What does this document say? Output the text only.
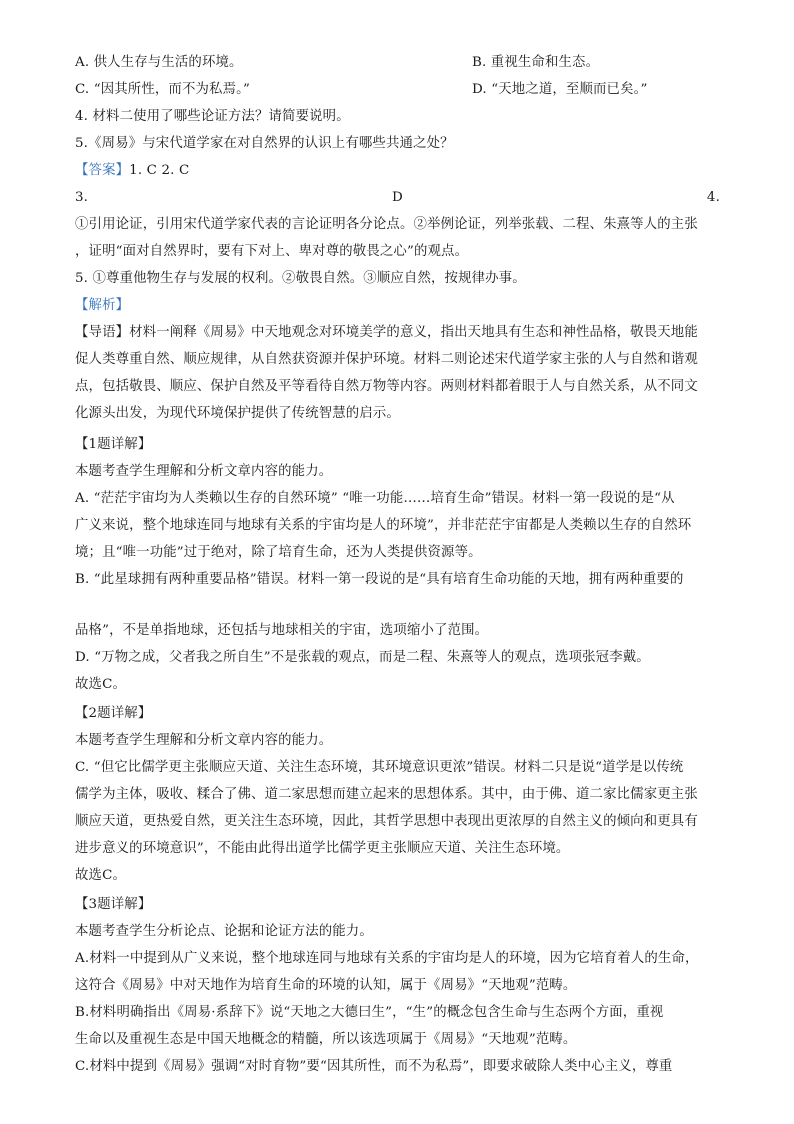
A. 供人生存与生活的环境。	B. 重视生命和生态。
C. “因其所性，而不为私焉。”	D. “天地之道，至顺而已矣。”
4. 材料二使用了哪些论证方法？请简要说明。
5.《周易》与宋代道学家在对自然界的认识上有哪些共通之处？
【答案】1. C 2. C
3.	D	4.
①引用论证，引用宋代道学家代表的言论证明各分论点。②举例论证，列举张载、二程、朱熹等人的主张
，证明“面对自然界时，要有下对上、卑对尊的敬畏之心”的观点。
5. ①尊重他物生存与发展的权利。②敬畏自然。③顺应自然，按规律办事。
【解析】
【导语】材料一阐释《周易》中天地观念对环境美学的意义，指出天地具有生态和神性品格，敬畏天地能
促人类尊重自然、顺应规律，从自然获资源并保护环境。材料二则论述宋代道学家主张的人与自然和谐观
点，包括敬畏、顺应、保护自然及平等看待自然万物等内容。两则材料都着眼于人与自然关系，从不同文
化源头出发，为现代环境保护提供了传统智慧的启示。
【1题详解】
本题考查学生理解和分析文章内容的能力。
A. “茫茫宇宙均为人类赖以生存的自然环境” “唯一功能……培育生命”错误。材料一第一段说的是“从
广义来说，整个地球连同与地球有关系的宇宙均是人的环境”，并非茫茫宇宙都是人类赖以生存的自然环
境；且“唯一功能”过于绝对，除了培育生命，还为人类提供资源等。
B. “此星球拥有两种重要品格”错误。材料一第一段说的是“具有培育生命功能的天地，拥有两种重要的
品格”，不是单指地球，还包括与地球相关的宇宙，选项缩小了范围。
D. “万物之成，父者我之所自生”不是张载的观点，而是二程、朱熹等人的观点，选项张冠李戴。
故选C。
【2题详解】
本题考查学生理解和分析文章内容的能力。
C. “但它比儒学更主张顺应天道、关注生态环境，其环境意识更浓”错误。材料二只是说“道学是以传统
儒学为主体，吸收、糅合了佛、道二家思想而建立起来的思想体系。其中，由于佛、道二家比儒家更主张
顺应天道，更热爱自然，更关注生态环境，因此，其哲学思想中表现出更浓厚的自然主义的倾向和更具有
进步意义的环境意识”，不能由此得出道学比儒学更主张顺应天道、关注生态环境。
故选C。
【3题详解】
本题考查学生分析论点、论据和论证方法的能力。
A.材料一中提到从广义来说，整个地球连同与地球有关系的宇宙均是人的环境，因为它培育着人的生命，
这符合《周易》中对天地作为培育生命的环境的认知，属于《周易》“天地观”范畴。
B.材料明确指出《周易·系辞下》说“天地之大德曰生”，“生”的概念包含生命与生态两个方面，重视
生命以及重视生态是中国天地概念的精髓，所以该选项属于《周易》“天地观”范畴。
C.材料中提到《周易》强调“对时育物”要“因其所性，而不为私焉”，即要求破除人类中心主义，尊重
